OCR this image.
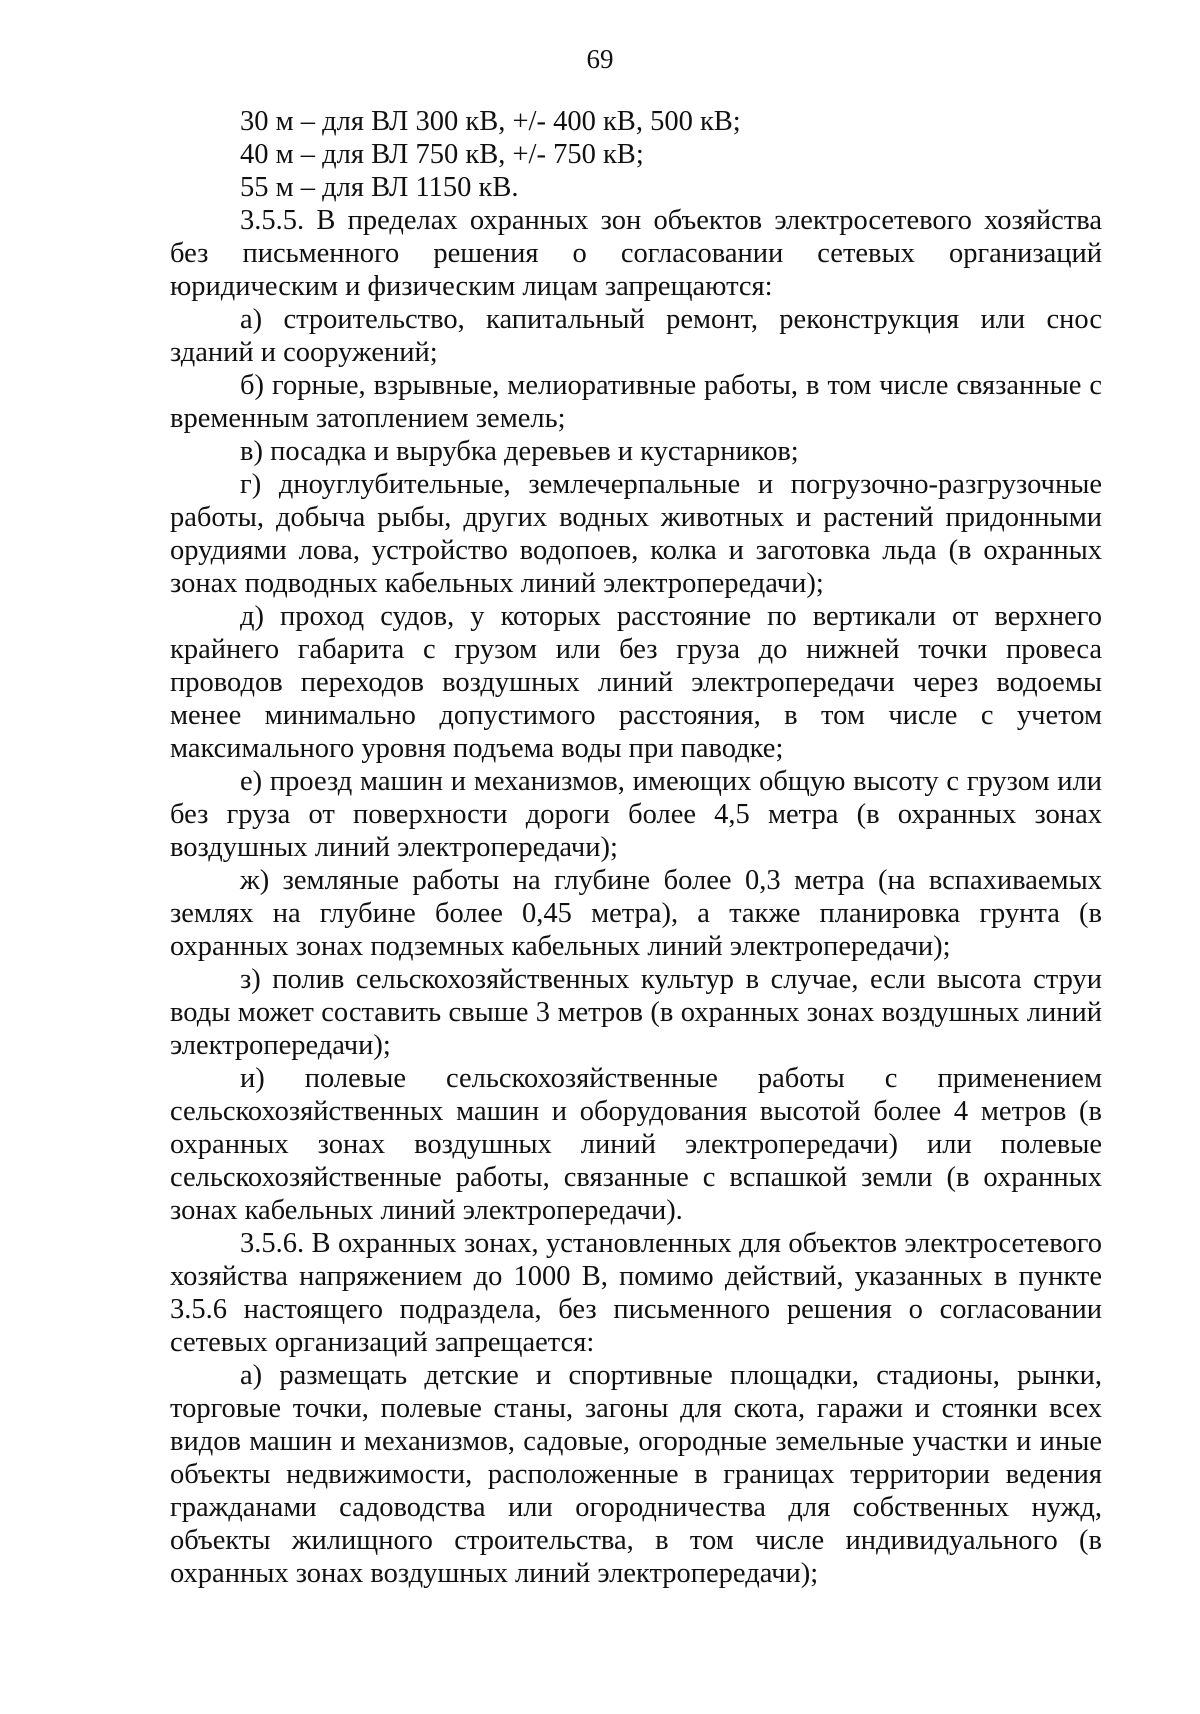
69

30 м – для ВЛ 300 кВ, +/- 400 кВ, 500 кВ;

40 м – для ВЛ 750 кВ, +/- 750 кВ;

55 м – для ВЛ 1150 кВ.

3.5.5. В пределах охранных зон объектов электросетевого хозяйства без письменного решения о согласовании сетевых организаций юридическим и физическим лицам запрещаются:

а) строительство, капитальный ремонт, реконструкция или снос зданий и сооружений;

б) горные, взрывные, мелиоративные работы, в том числе связанные с временным затоплением земель;

в) посадка и вырубка деревьев и кустарников;

г) дноуглубительные, землечерпальные и погрузочно-разгрузочные работы, добыча рыбы, других водных животных и растений придонными орудиями лова, устройство водопоев, колка и заготовка льда (в охранных зонах подводных кабельных линий электропередачи);

д) проход судов, у которых расстояние по вертикали от верхнего крайнего габарита с грузом или без груза до нижней точки провеса проводов переходов воздушных линий электропередачи через водоемы менее минимально допустимого расстояния, в том числе с учетом максимального уровня подъема воды при паводке;

е) проезд машин и механизмов, имеющих общую высоту с грузом или без груза от поверхности дороги более 4,5 метра (в охранных зонах воздушных линий электропередачи);

ж) земляные работы на глубине более 0,3 метра (на вспахиваемых землях на глубине более 0,45 метра), а также планировка грунта (в охранных зонах подземных кабельных линий электропередачи);

з) полив сельскохозяйственных культур в случае, если высота струи воды может составить свыше 3 метров (в охранных зонах воздушных линий электропередачи);

и) полевые сельскохозяйственные работы с применением сельскохозяйственных машин и оборудования высотой более 4 метров (в охранных зонах воздушных линий электропередачи) или полевые сельскохозяйственные работы, связанные с вспашкой земли (в охранных зонах кабельных линий электропередачи).

3.5.6. В охранных зонах, установленных для объектов электросетевого хозяйства напряжением до 1000 В, помимо действий, указанных в пункте 3.5.6 настоящего подраздела, без письменного решения о согласовании сетевых организаций запрещается:

а) размещать детские и спортивные площадки, стадионы, рынки, торговые точки, полевые станы, загоны для скота, гаражи и стоянки всех видов машин и механизмов, садовые, огородные земельные участки и иные объекты недвижимости, расположенные в границах территории ведения гражданами садоводства или огородничества для собственных нужд, объекты жилищного строительства, в том числе индивидуального (в охранных зонах воздушных линий электропередачи);
